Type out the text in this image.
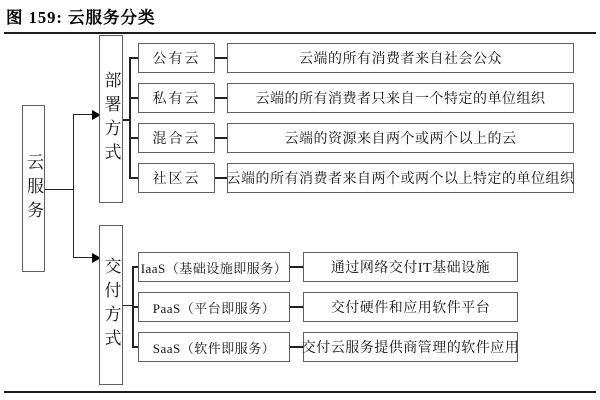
图 159: 云服务分类
云服务
部署方式
公有云
私有云
混合云
社区云
云端的所有消费者来自社会公众
云端的所有消费者只来自一个特定的单位组织
云端的资源来自两个或两个以上的云
云端的所有消费者来自两个或两个以上特定的单位组织
交付方式 IaaS（基础设施即服务）
PaaS（平台即服务）
SaaS（软件即服务）
通过网络交付IT基础设施
交付硬件和应用软件平台
交付云服务提供商管理的软件应用
